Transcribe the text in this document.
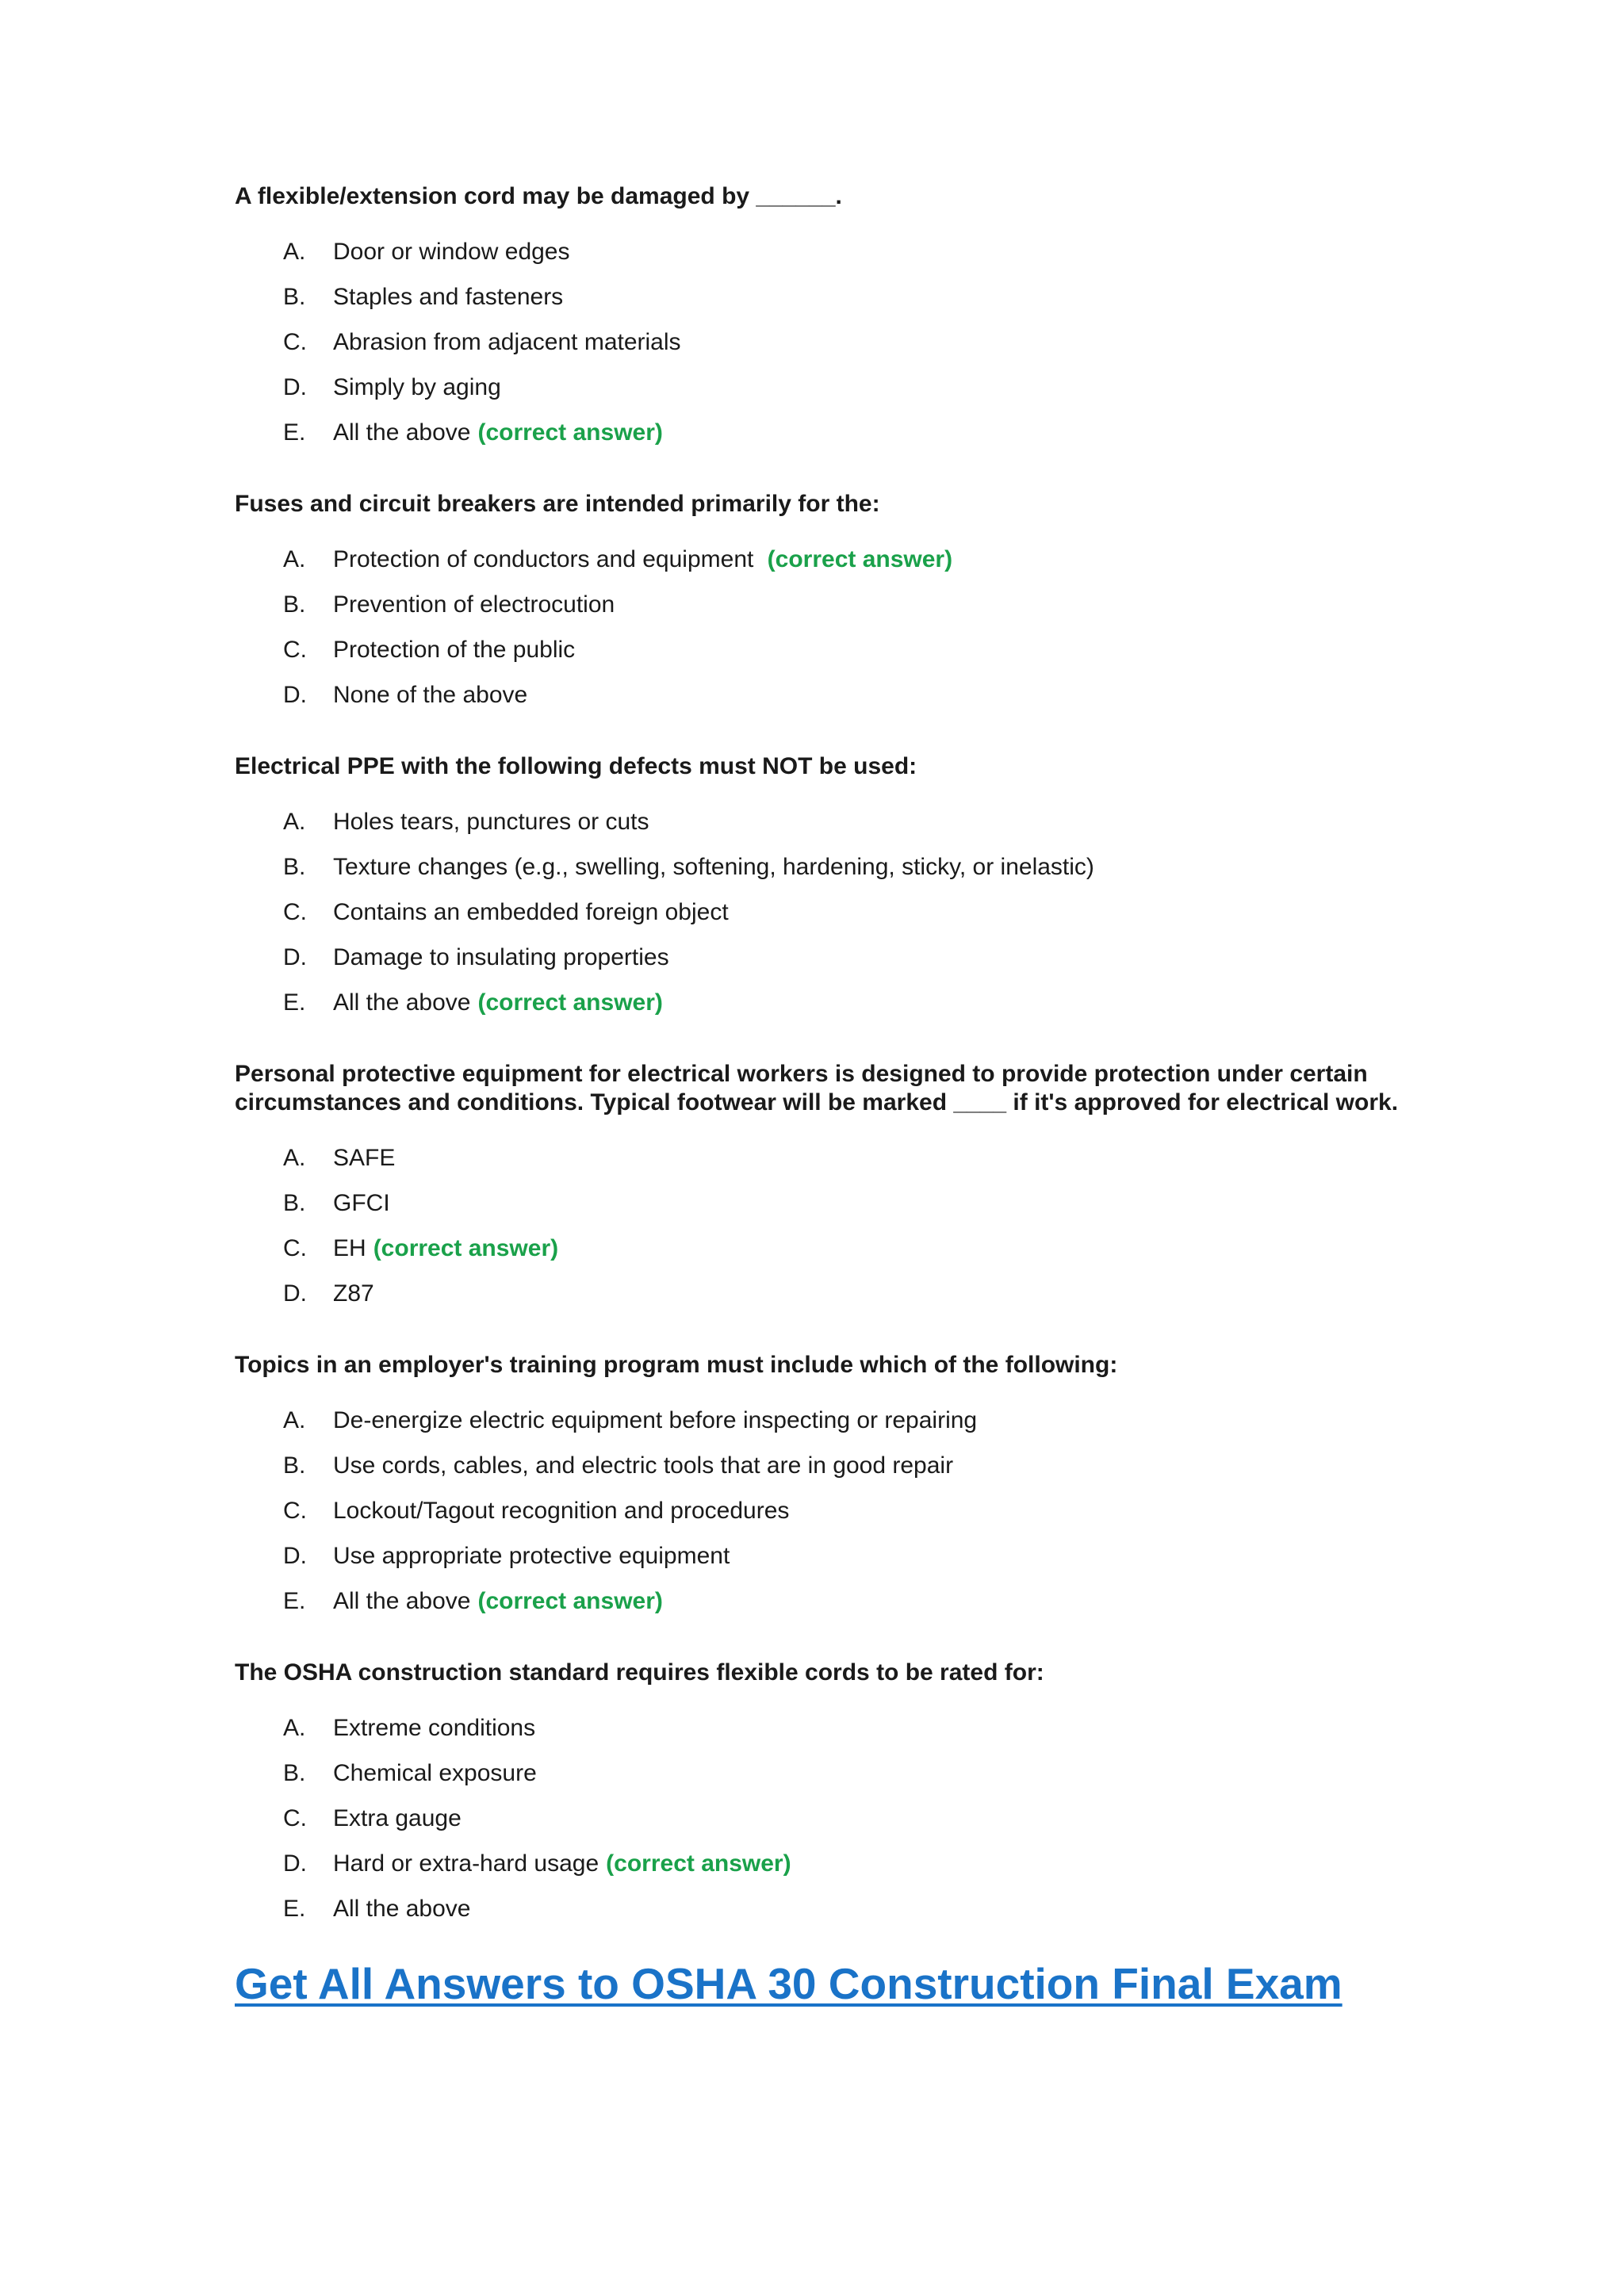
A flexible/extension cord may be damaged by ______.

A.	Door or window edges
B.	Staples and fasteners
C.	Abrasion from adjacent materials
D.	Simply by aging
E.	All the above (correct answer)

Fuses and circuit breakers are intended primarily for the:

A.	Protection of conductors and equipment (correct answer)
B.	Prevention of electrocution
C.	Protection of the public
D.	None of the above

Electrical PPE with the following defects must NOT be used:

A.	Holes tears, punctures or cuts
B.	Texture changes (e.g., swelling, softening, hardening, sticky, or inelastic)
C.	Contains an embedded foreign object
D.	Damage to insulating properties
E.	All the above (correct answer)

Personal protective equipment for electrical workers is designed to provide protection under certain circumstances and conditions. Typical footwear will be marked ____ if it's approved for electrical work.

A.	SAFE
B.	GFCI
C.	EH (correct answer)
D.	Z87

Topics in an employer's training program must include which of the following:

A.	De-energize electric equipment before inspecting or repairing
B.	Use cords, cables, and electric tools that are in good repair
C.	Lockout/Tagout recognition and procedures
D.	Use appropriate protective equipment
E.	All the above (correct answer)

The OSHA construction standard requires flexible cords to be rated for:

A.	Extreme conditions
B.	Chemical exposure
C.	Extra gauge
D.	Hard or extra-hard usage (correct answer)
E.	All the above
Get All Answers to OSHA 30 Construction Final Exam
